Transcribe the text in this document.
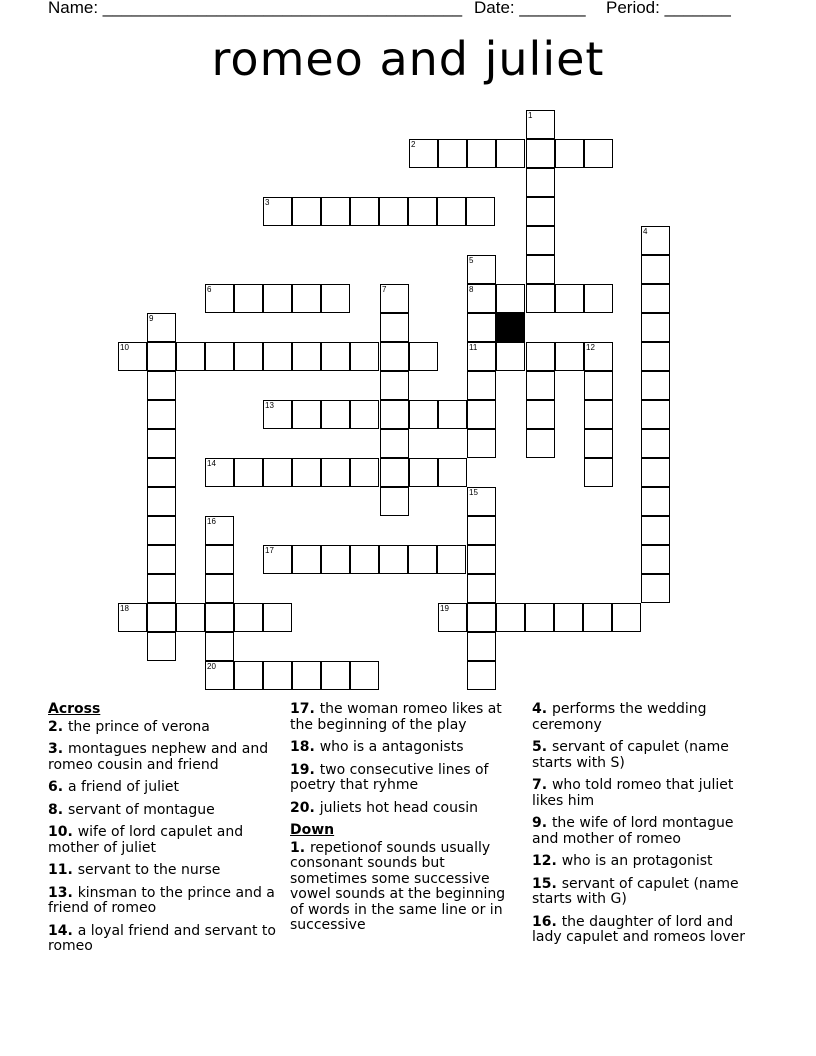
Name: ______________________________________ Date: _______ Period: _______
romeo and juliet
1
2
3
4
5
8
11
6	7
9
10	12
13
14
15
16
20
17
18	19
Across
2. the prince of verona
3. montagues nephew and and romeo cousin and friend
6. a friend of juliet
8. servant of montague
10. wife of lord capulet and mother of juliet
11. servant to the nurse
13. kinsman to the prince and a friend of romeo
14. a loyal friend and servant to romeo
17. the woman romeo likes at the beginning of the play
18. who is a antagonists
19. two consecutive lines of poetry that ryhme
20. juliets hot head cousin
Down
1. repetionof sounds usually consonant sounds but sometimes some successive vowel sounds at the beginning of words in the same line or in successive
4. performs the wedding ceremony
5. servant of capulet (name starts with S)
7. who told romeo that juliet likes him
9. the wife of lord montague and mother of romeo
12. who is an protagonist
15. servant of capulet (name starts with G)
16. the daughter of lord and lady capulet and romeos lover
